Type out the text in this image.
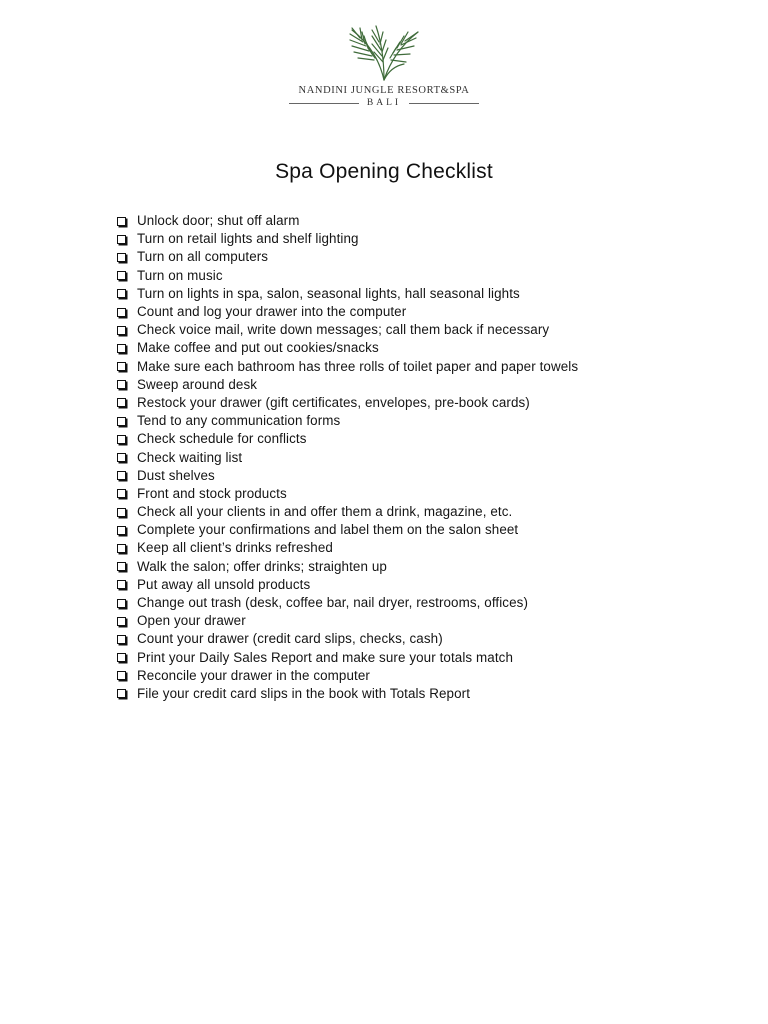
NANDINI JUNGLE RESORT&SPA
BALI
Spa Opening Checklist
Unlock door; shut off alarm
Turn on retail lights and shelf lighting
Turn on all computers
Turn on music
Turn on lights in spa, salon, seasonal lights, hall seasonal lights
Count and log your drawer into the computer
Check voice mail, write down messages; call them back if necessary
Make coffee and put out cookies/snacks
Make sure each bathroom has three rolls of toilet paper and paper towels
Sweep around desk
Restock your drawer (gift certificates, envelopes, pre-book cards)
Tend to any communication forms
Check schedule for conflicts
Check waiting list
Dust shelves
Front and stock products
Check all your clients in and offer them a drink, magazine, etc.
Complete your confirmations and label them on the salon sheet
Keep all client’s drinks refreshed
Walk the salon; offer drinks; straighten up
Put away all unsold products
Change out trash (desk, coffee bar, nail dryer, restrooms, offices)
Open your drawer
Count your drawer (credit card slips, checks, cash)
Print your Daily Sales Report and make sure your totals match
Reconcile your drawer in the computer
File your credit card slips in the book with Totals Report
